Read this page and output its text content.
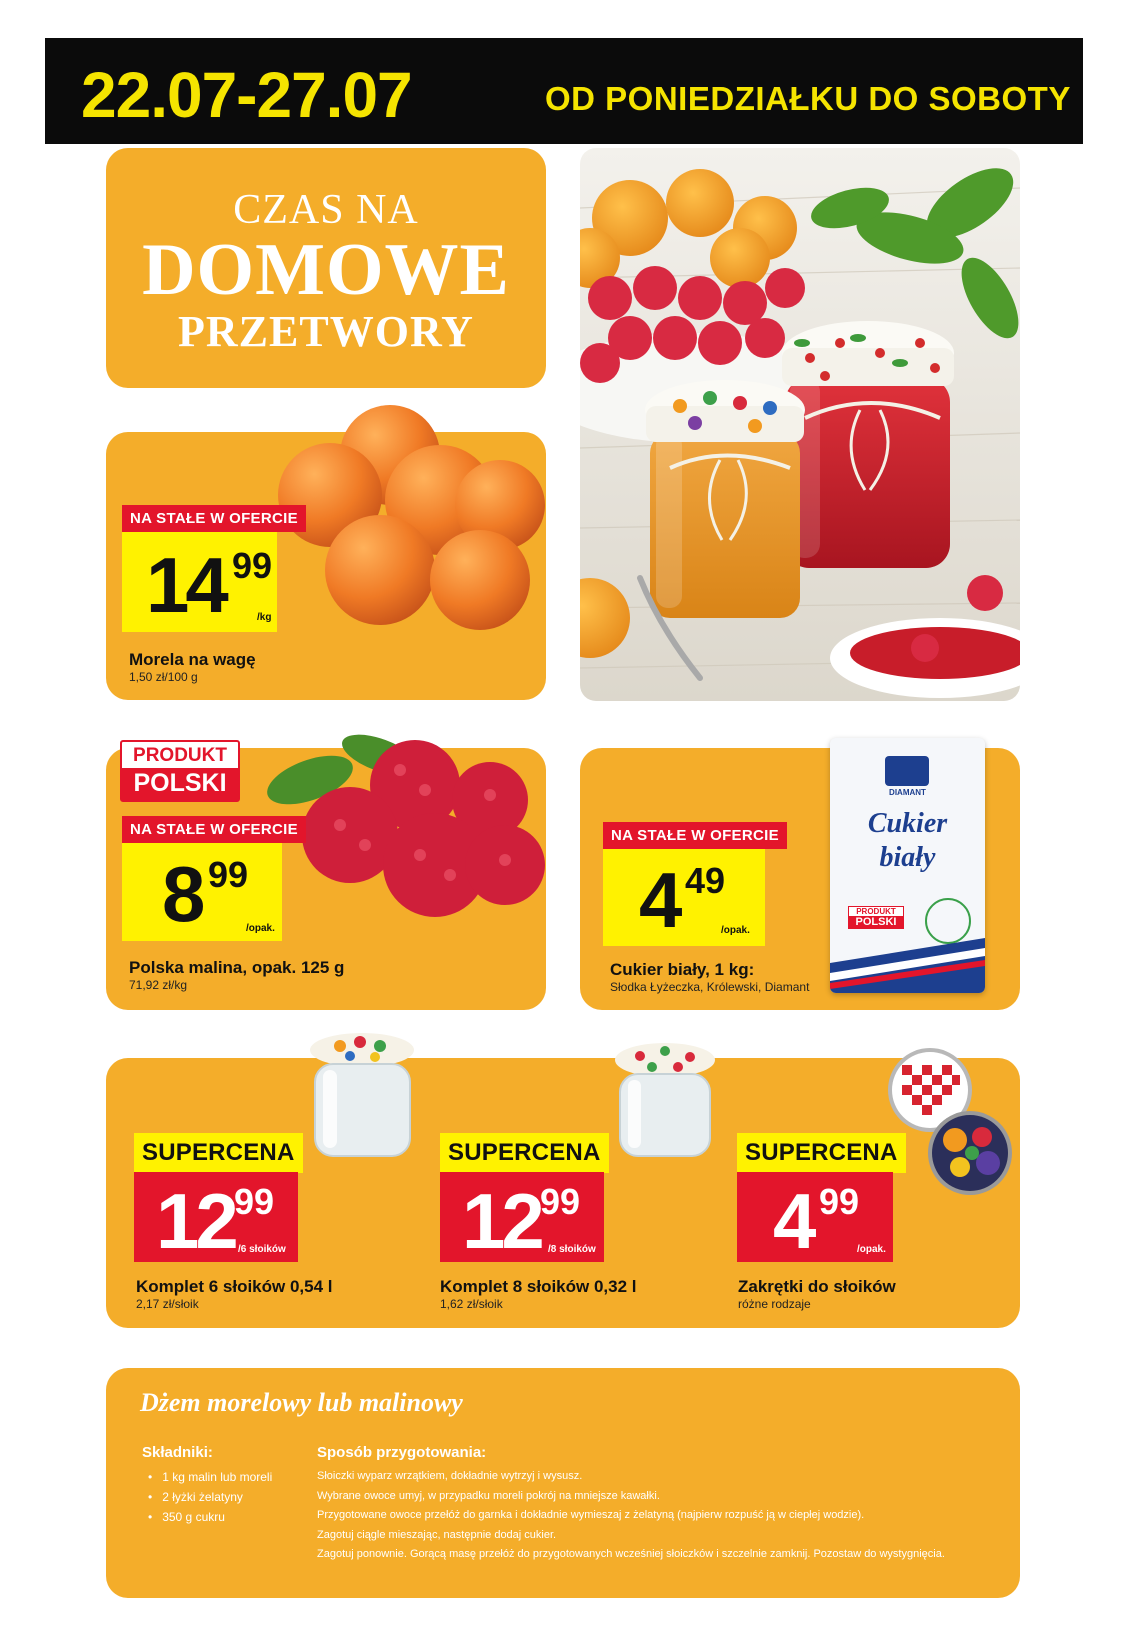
22.07-27.07	OD PONIEDZIAŁKU DO SOBOTY
CZAS NA
DOMOWE
PRZETWORY
NA STAŁE W OFERCIE
14 99
/kg
Morela na wagę
1,50 zł/100 g
PRODUKT
POLSKI
NA STAŁE W OFERCIE
8 99
/opak.
Polska malina, opak. 125 g
71,92 zł/kg
DIAMANT
Cukier
biały
PRODUKT
POLSKI
NA STAŁE W OFERCIE
4 49
/opak.
Cukier biały, 1 kg:
Słodka Łyżeczka, Królewski, Diamant
SUPERCENA
12 99
/6 słoików
Komplet 6 słoików 0,54 l
2,17 zł/słoik
SUPERCENA
12 99
/8 słoików
Komplet 8 słoików 0,32 l
1,62 zł/słoik
SUPERCENA
4 99
/opak.
Zakrętki do słoików
różne rodzaje
Dżem morelowy lub malinowy
Składniki:
• 1 kg malin lub moreli
• 2 łyżki żelatyny
• 350 g cukru
Sposób przygotowania:
Słoiczki wyparz wrzątkiem, dokładnie wytrzyj i wysusz.
Wybrane owoce umyj, w przypadku moreli pokrój na mniejsze kawałki.
Przygotowane owoce przełóż do garnka i dokładnie wymieszaj z żelatyną (najpierw rozpuść ją w ciepłej wodzie).
Zagotuj ciągle mieszając, następnie dodaj cukier.
Zagotuj ponownie. Gorącą masę przełóż do przygotowanych wcześniej słoiczków i szczelnie zamknij. Pozostaw do wystygnięcia.
